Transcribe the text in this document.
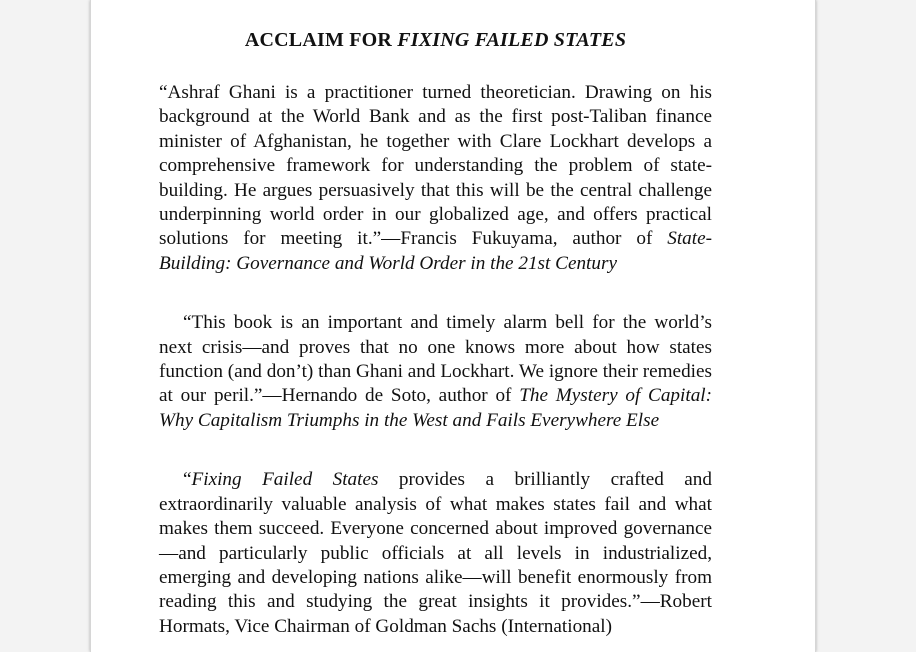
ACCLAIM FOR FIXING FAILED STATES

“Ashraf Ghani is a practitioner turned theoretician. Drawing on his background at the World Bank and as the first post-Taliban finance minister of Afghanistan, he together with Clare Lockhart develops a comprehensive framework for understanding the problem of state-building. He argues persuasively that this will be the central challenge underpinning world order in our globalized age, and offers practical solutions for meeting it.”—Francis Fukuyama, author of State-Building: Governance and World Order in the 21st Century

“This book is an important and timely alarm bell for the world’s next crisis—and proves that no one knows more about how states function (and don’t) than Ghani and Lockhart. We ignore their remedies at our peril.”—Hernando de Soto, author of The Mystery of Capital: Why Capitalism Triumphs in the West and Fails Everywhere Else

“Fixing Failed States provides a brilliantly crafted and extraordinarily valuable analysis of what makes states fail and what makes them succeed. Everyone concerned about improved governance—and particularly public officials at all levels in industrialized, emerging and developing nations alike—will benefit enormously from reading this and studying the great insights it provides.”—Robert Hormats, Vice Chairman of Goldman Sachs (International)
